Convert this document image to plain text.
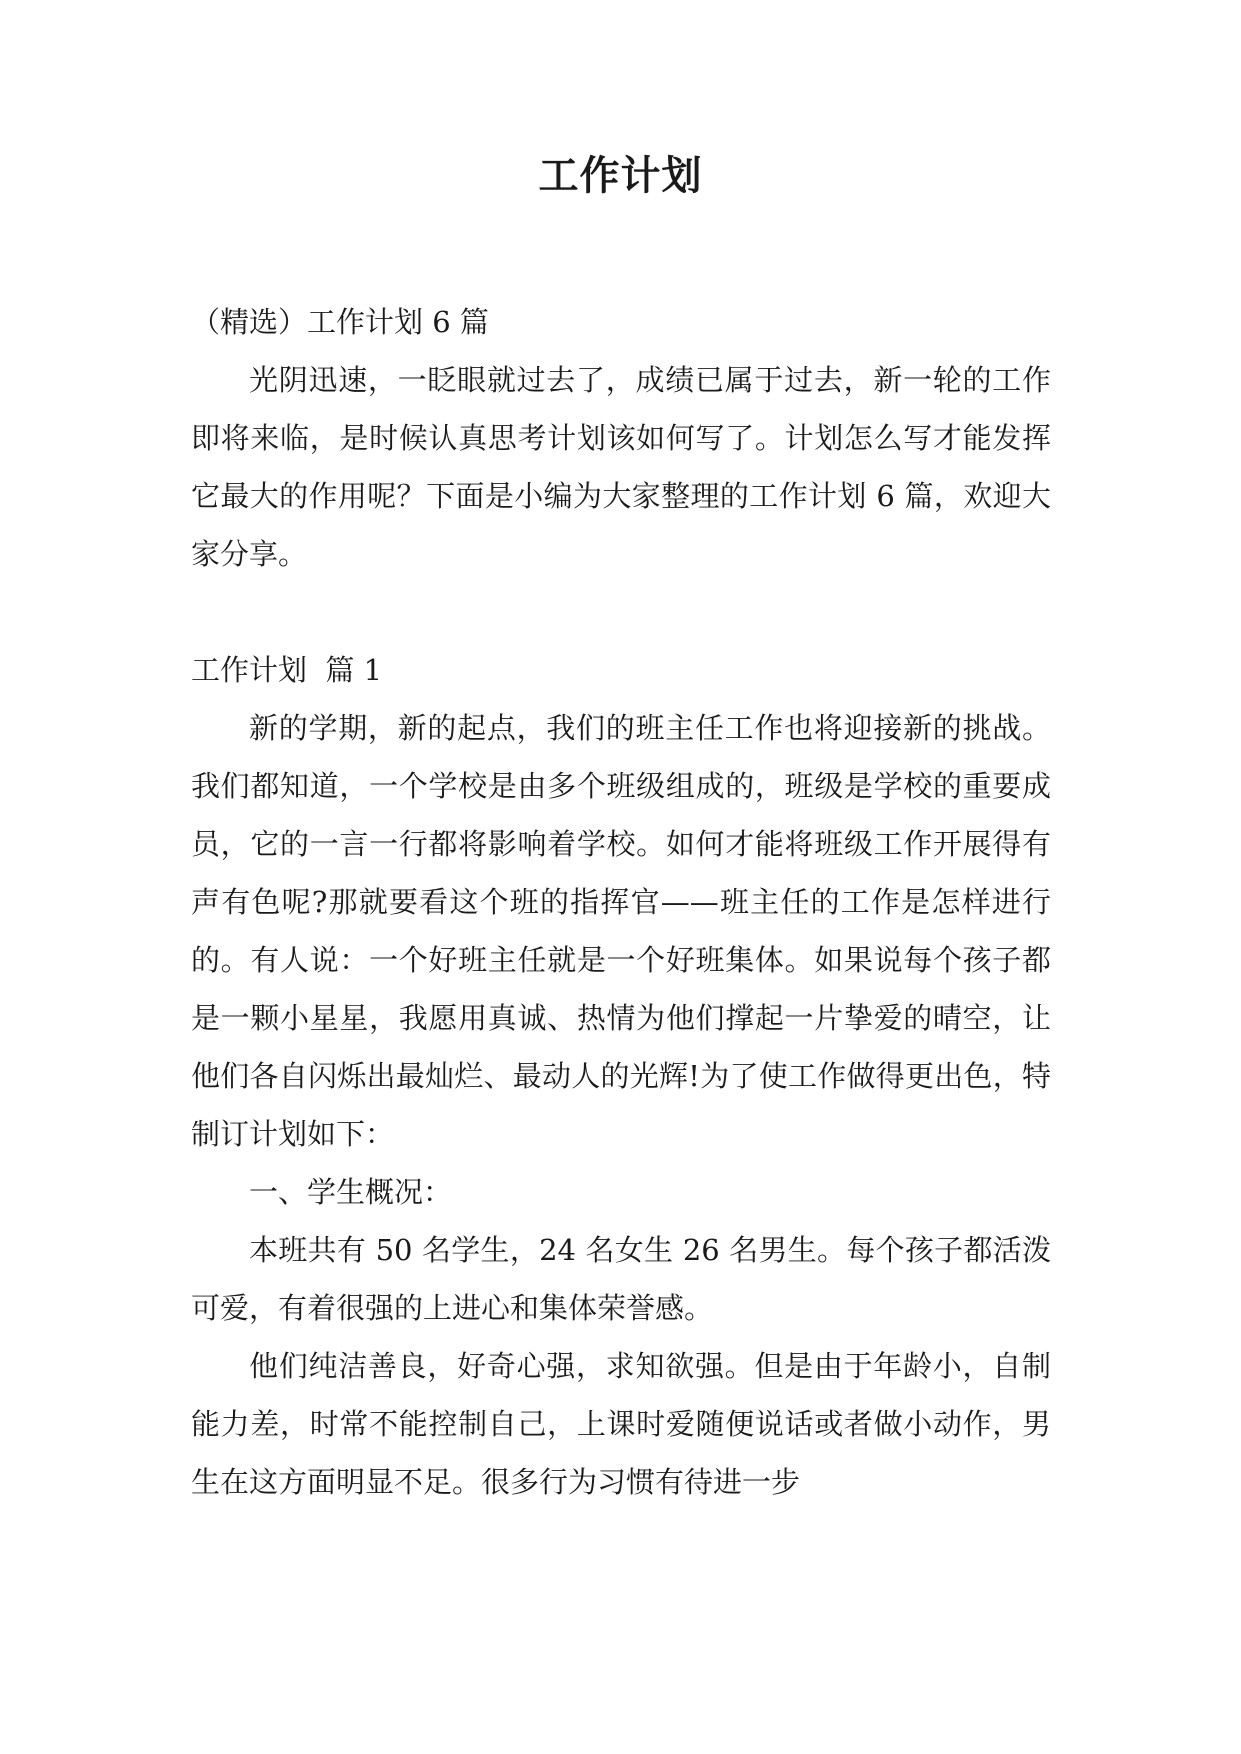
工作计划

（精选）工作计划 6 篇

光阴迅速，一眨眼就过去了，成绩已属于过去，新一轮的工作即将来临，是时候认真思考计划该如何写了。计划怎么写才能发挥它最大的作用呢？下面是小编为大家整理的工作计划 6 篇，欢迎大家分享。

工作计划  篇 1

新的学期，新的起点，我们的班主任工作也将迎接新的挑战。我们都知道，一个学校是由多个班级组成的，班级是学校的重要成员，它的一言一行都将影响着学校。如何才能将班级工作开展得有声有色呢?那就要看这个班的指挥官——班主任的工作是怎样进行的。有人说：一个好班主任就是一个好班集体。如果说每个孩子都是一颗小星星，我愿用真诚、热情为他们撑起一片挚爱的晴空，让他们各自闪烁出最灿烂、最动人的光辉!为了使工作做得更出色，特制订计划如下：

一、学生概况：

本班共有 50 名学生，24 名女生 26 名男生。每个孩子都活泼可爱，有着很强的上进心和集体荣誉感。

他们纯洁善良，好奇心强，求知欲强。但是由于年龄小，自制能力差，时常不能控制自己，上课时爱随便说话或者做小动作，男生在这方面明显不足。很多行为习惯有待进一步
